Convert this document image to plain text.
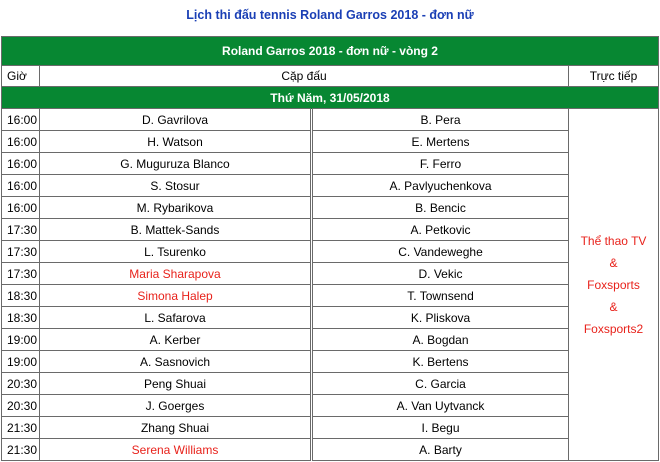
Lịch thi đấu tennis Roland Garros 2018 - đơn nữ
Roland Garros 2018 - đơn nữ - vòng 2			
Giờ	Cặp đấu		Trực tiếp
Thứ Năm, 31/05/2018			
16:00	D. Gavrilova	B. Pera	Thể thao TV
&
Foxsports
&
Foxsports2

16:00	H. Watson	E. Mertens	
16:00	G. Muguruza Blanco	F. Ferro	
16:00	S. Stosur	A. Pavlyuchenkova	
16:00	M. Rybarikova	B. Bencic	
17:30	B. Mattek-Sands	A. Petkovic	
17:30	L. Tsurenko	C. Vandeweghe	
17:30	Maria Sharapova	D. Vekic	
18:30	Simona Halep	T. Townsend	
18:30	L. Safarova	K. Pliskova	
19:00	A. Kerber	A. Bogdan	
19:00	A. Sasnovich	K. Bertens	
20:30	Peng Shuai	C. Garcia	
20:30	J. Goerges	A. Van Uytvanck	
21:30	Zhang Shuai	I. Begu	
21:30	Serena Williams	A. Barty	
